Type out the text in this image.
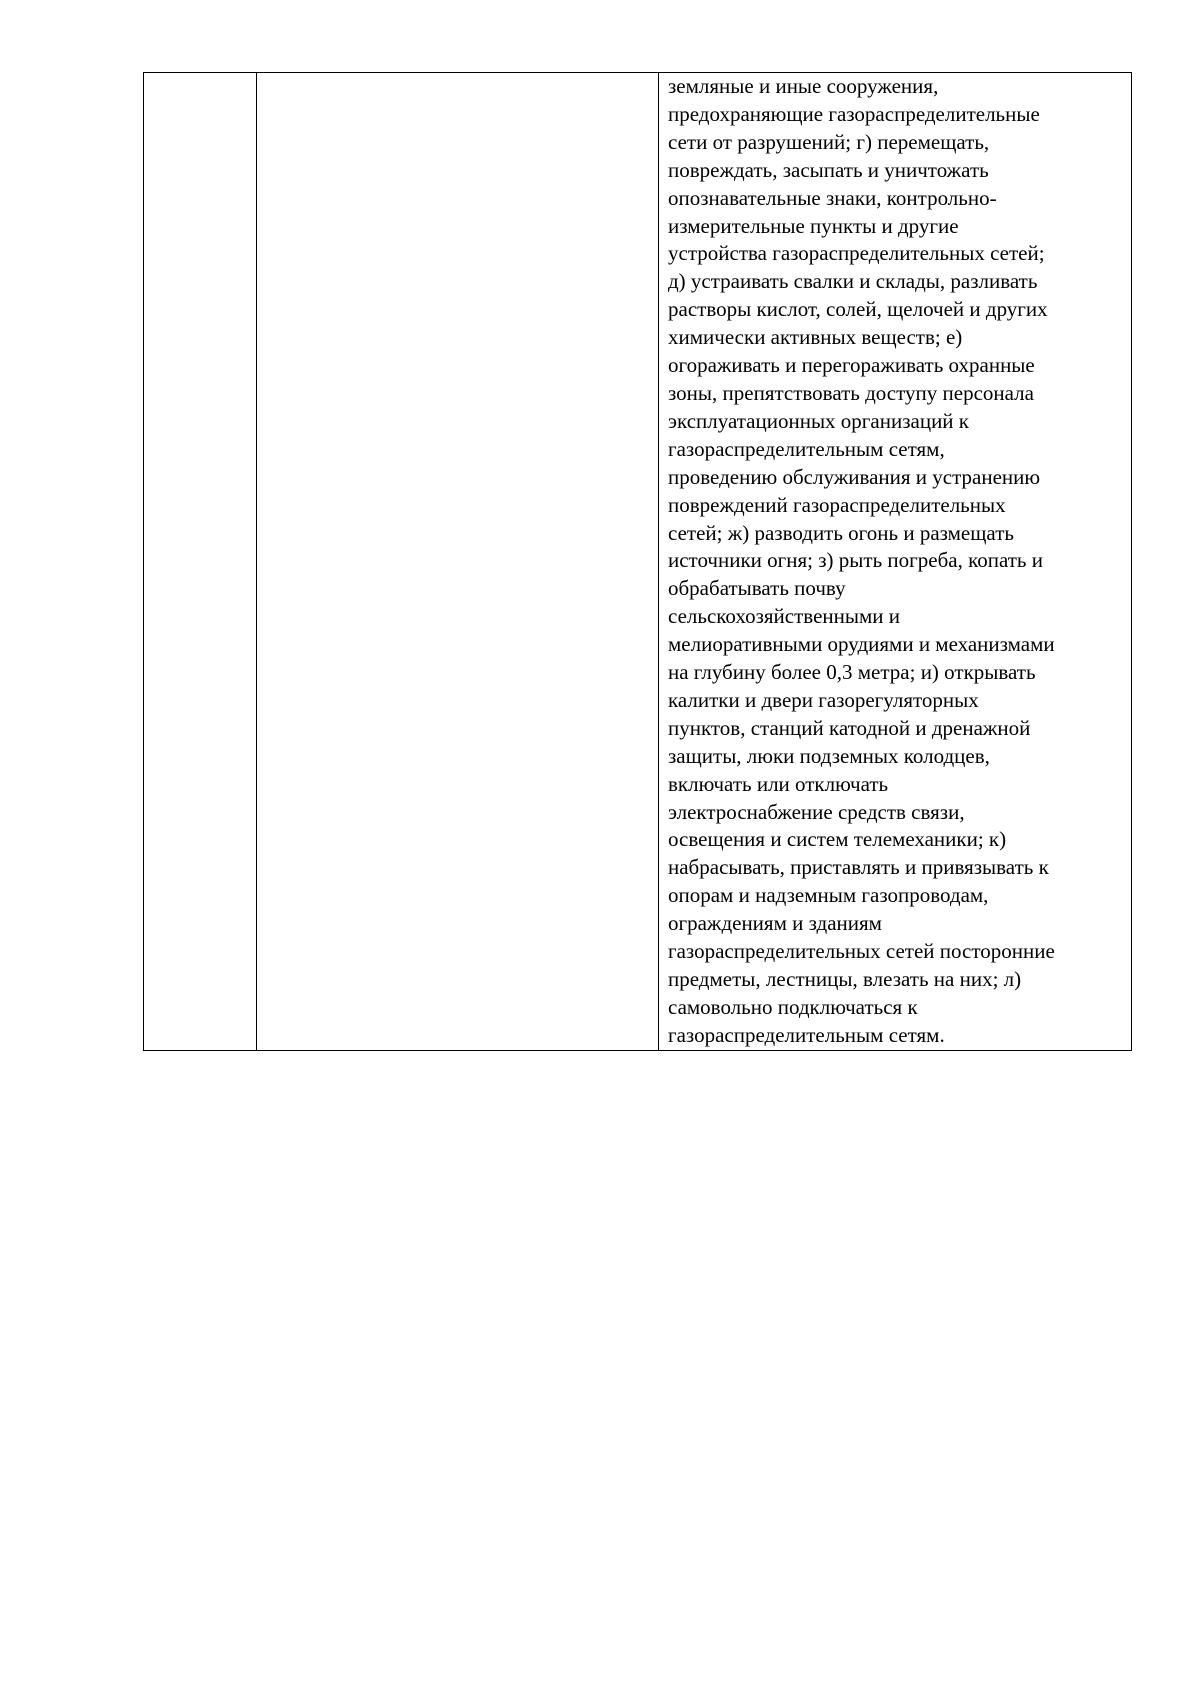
земляные и иные сооружения,
предохраняющие газораспределительные
сети от разрушений; г) перемещать,
повреждать, засыпать и уничтожать
опознавательные знаки, контрольно-
измерительные пункты и другие
устройства газораспределительных сетей;
д) устраивать свалки и склады, разливать
растворы кислот, солей, щелочей и других
химически активных веществ; е)
огораживать и перегораживать охранные
зоны, препятствовать доступу персонала
эксплуатационных организаций к
газораспределительным сетям,
проведению обслуживания и устранению
повреждений газораспределительных
сетей; ж) разводить огонь и размещать
источники огня; з) рыть погреба, копать и
обрабатывать почву
сельскохозяйственными и
мелиоративными орудиями и механизмами
на глубину более 0,3 метра; и) открывать
калитки и двери газорегуляторных
пунктов, станций катодной и дренажной
защиты, люки подземных колодцев,
включать или отключать
электроснабжение средств связи,
освещения и систем телемеханики; к)
набрасывать, приставлять и привязывать к
опорам и надземным газопроводам,
ограждениям и зданиям
газораспределительных сетей посторонние
предметы, лестницы, влезать на них; л)
самовольно подключаться к
газораспределительным сетям.
